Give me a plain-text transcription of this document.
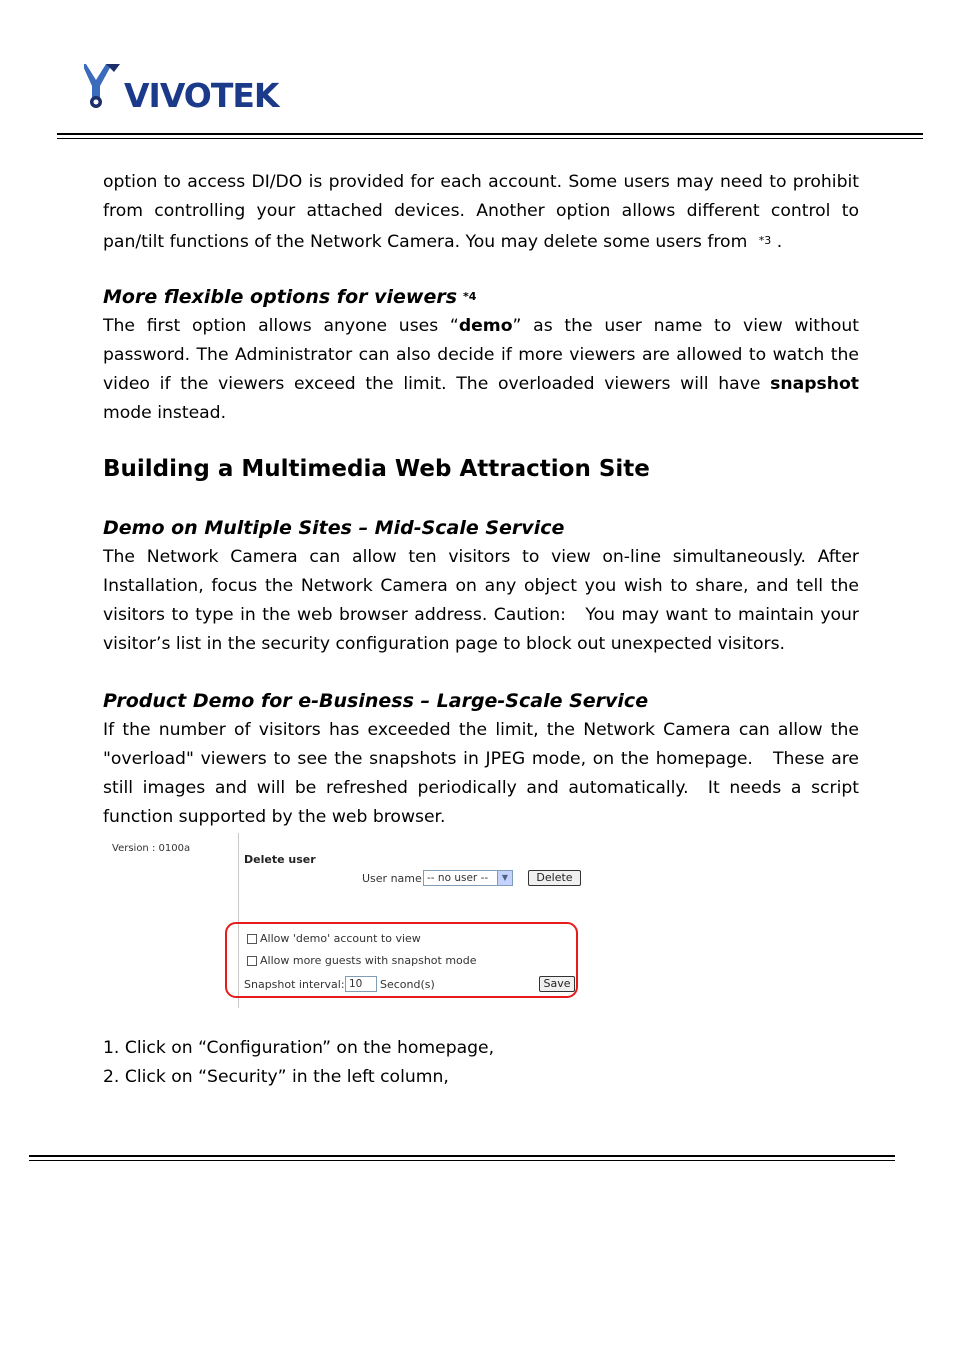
VIVOTEK

option to access DI/DO is provided for each account. Some users may need to prohibit from controlling your attached devices. Another option allows different control to pan/tilt functions of the Network Camera. You may delete some users from $^{*3}$ .

More flexible options for viewers $^{*4}$

The first option allows anyone uses “demo” as the user name to view without password. The Administrator can also decide if more viewers are allowed to watch the video if the viewers exceed the limit. The overloaded viewers will have snapshot mode instead.

Building a Multimedia Web Attraction Site
Demo on Multiple Sites – Mid-Scale Service

The Network Camera can allow ten visitors to view on-line simultaneously. After Installation, focus the Network Camera on any object you wish to share, and tell the visitors to type in the web browser address. Caution:   You may want to maintain your visitor’s list in the security configuration page to block out unexpected visitors.

Product Demo for e-Business – Large-Scale Service

If the number of visitors has exceeded the limit, the Network Camera can allow the "overload" viewers to see the snapshots in JPEG mode, on the homepage.   These are still images and will be refreshed periodically and automatically.  It needs a script function supported by the web browser.

1. Click on “Configuration” on the homepage,

2. Click on “Security” in the left column,

Version : 0100a
Delete user
User name -- no user --	▼	Delete
Allow 'demo' account to view
Allow more guests with snapshot mode
Snapshot interval: 10	Second(s)	Save
